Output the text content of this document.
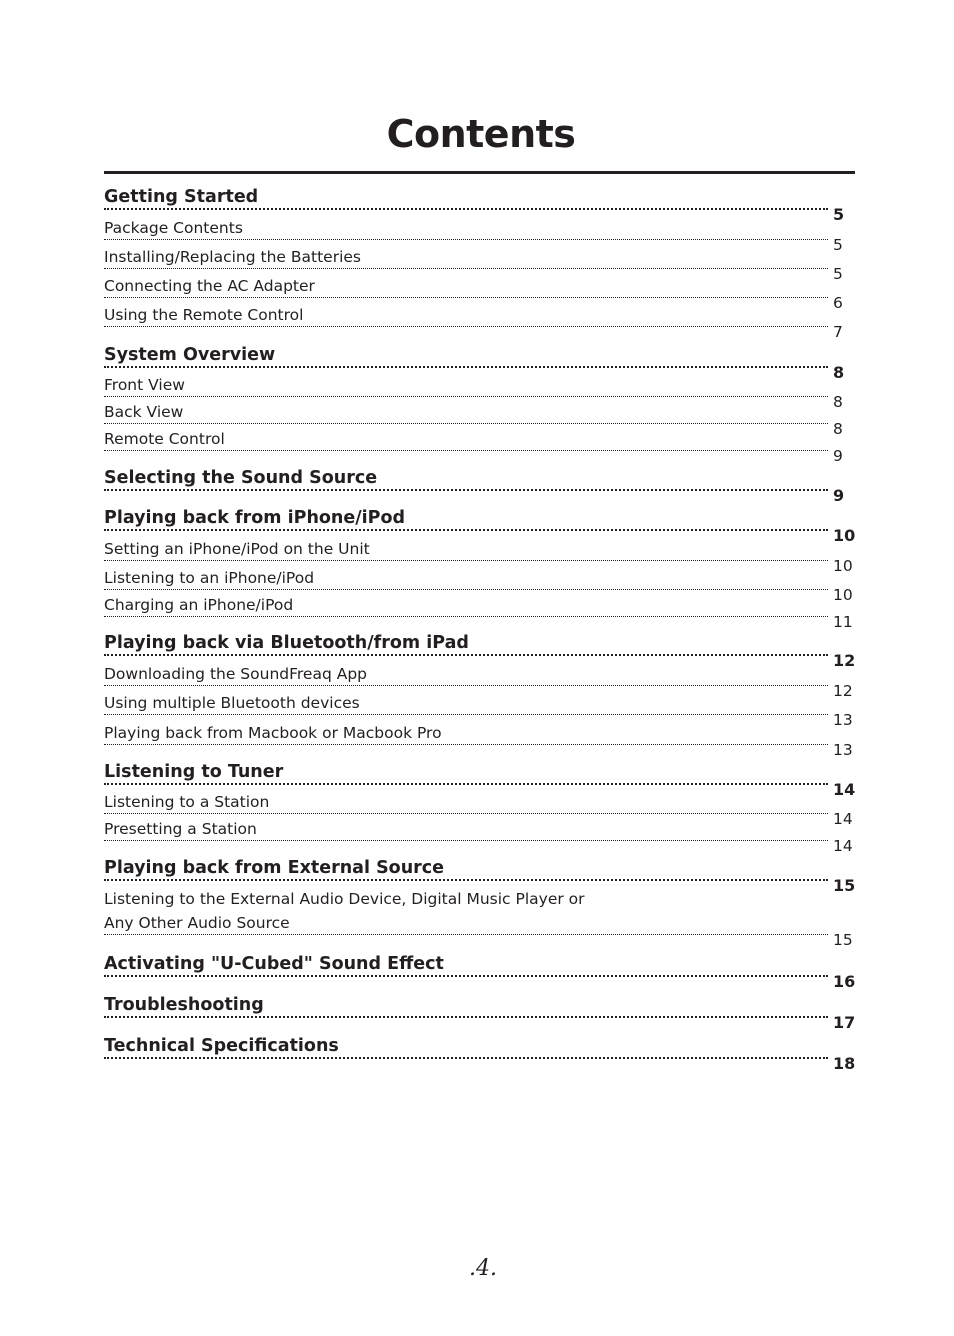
Contents
Getting Started
5
Package Contents
5
Installing/Replacing the Batteries
5
Connecting the AC Adapter
6
Using the Remote Control
7
System Overview
8
Front View
8
Back View
8
Remote Control
9
Selecting the Sound Source
9
Playing back from iPhone/iPod
10
Setting an iPhone/iPod on the Unit
10
Listening to an iPhone/iPod
10
Charging an iPhone/iPod
11
Playing back via Bluetooth/from iPad
12
Downloading the SoundFreaq App
12
Using multiple Bluetooth devices
13
Playing back from Macbook or Macbook Pro
13
Listening to Tuner
14
Listening to a Station
14
Presetting a Station
14
Playing back from External Source
15
Listening to the External Audio Device, Digital Music Player or
Any Other Audio Source
15
Activating "U-Cubed" Sound Effect
16
Troubleshooting
17
Technical Specifications
18
.4.
